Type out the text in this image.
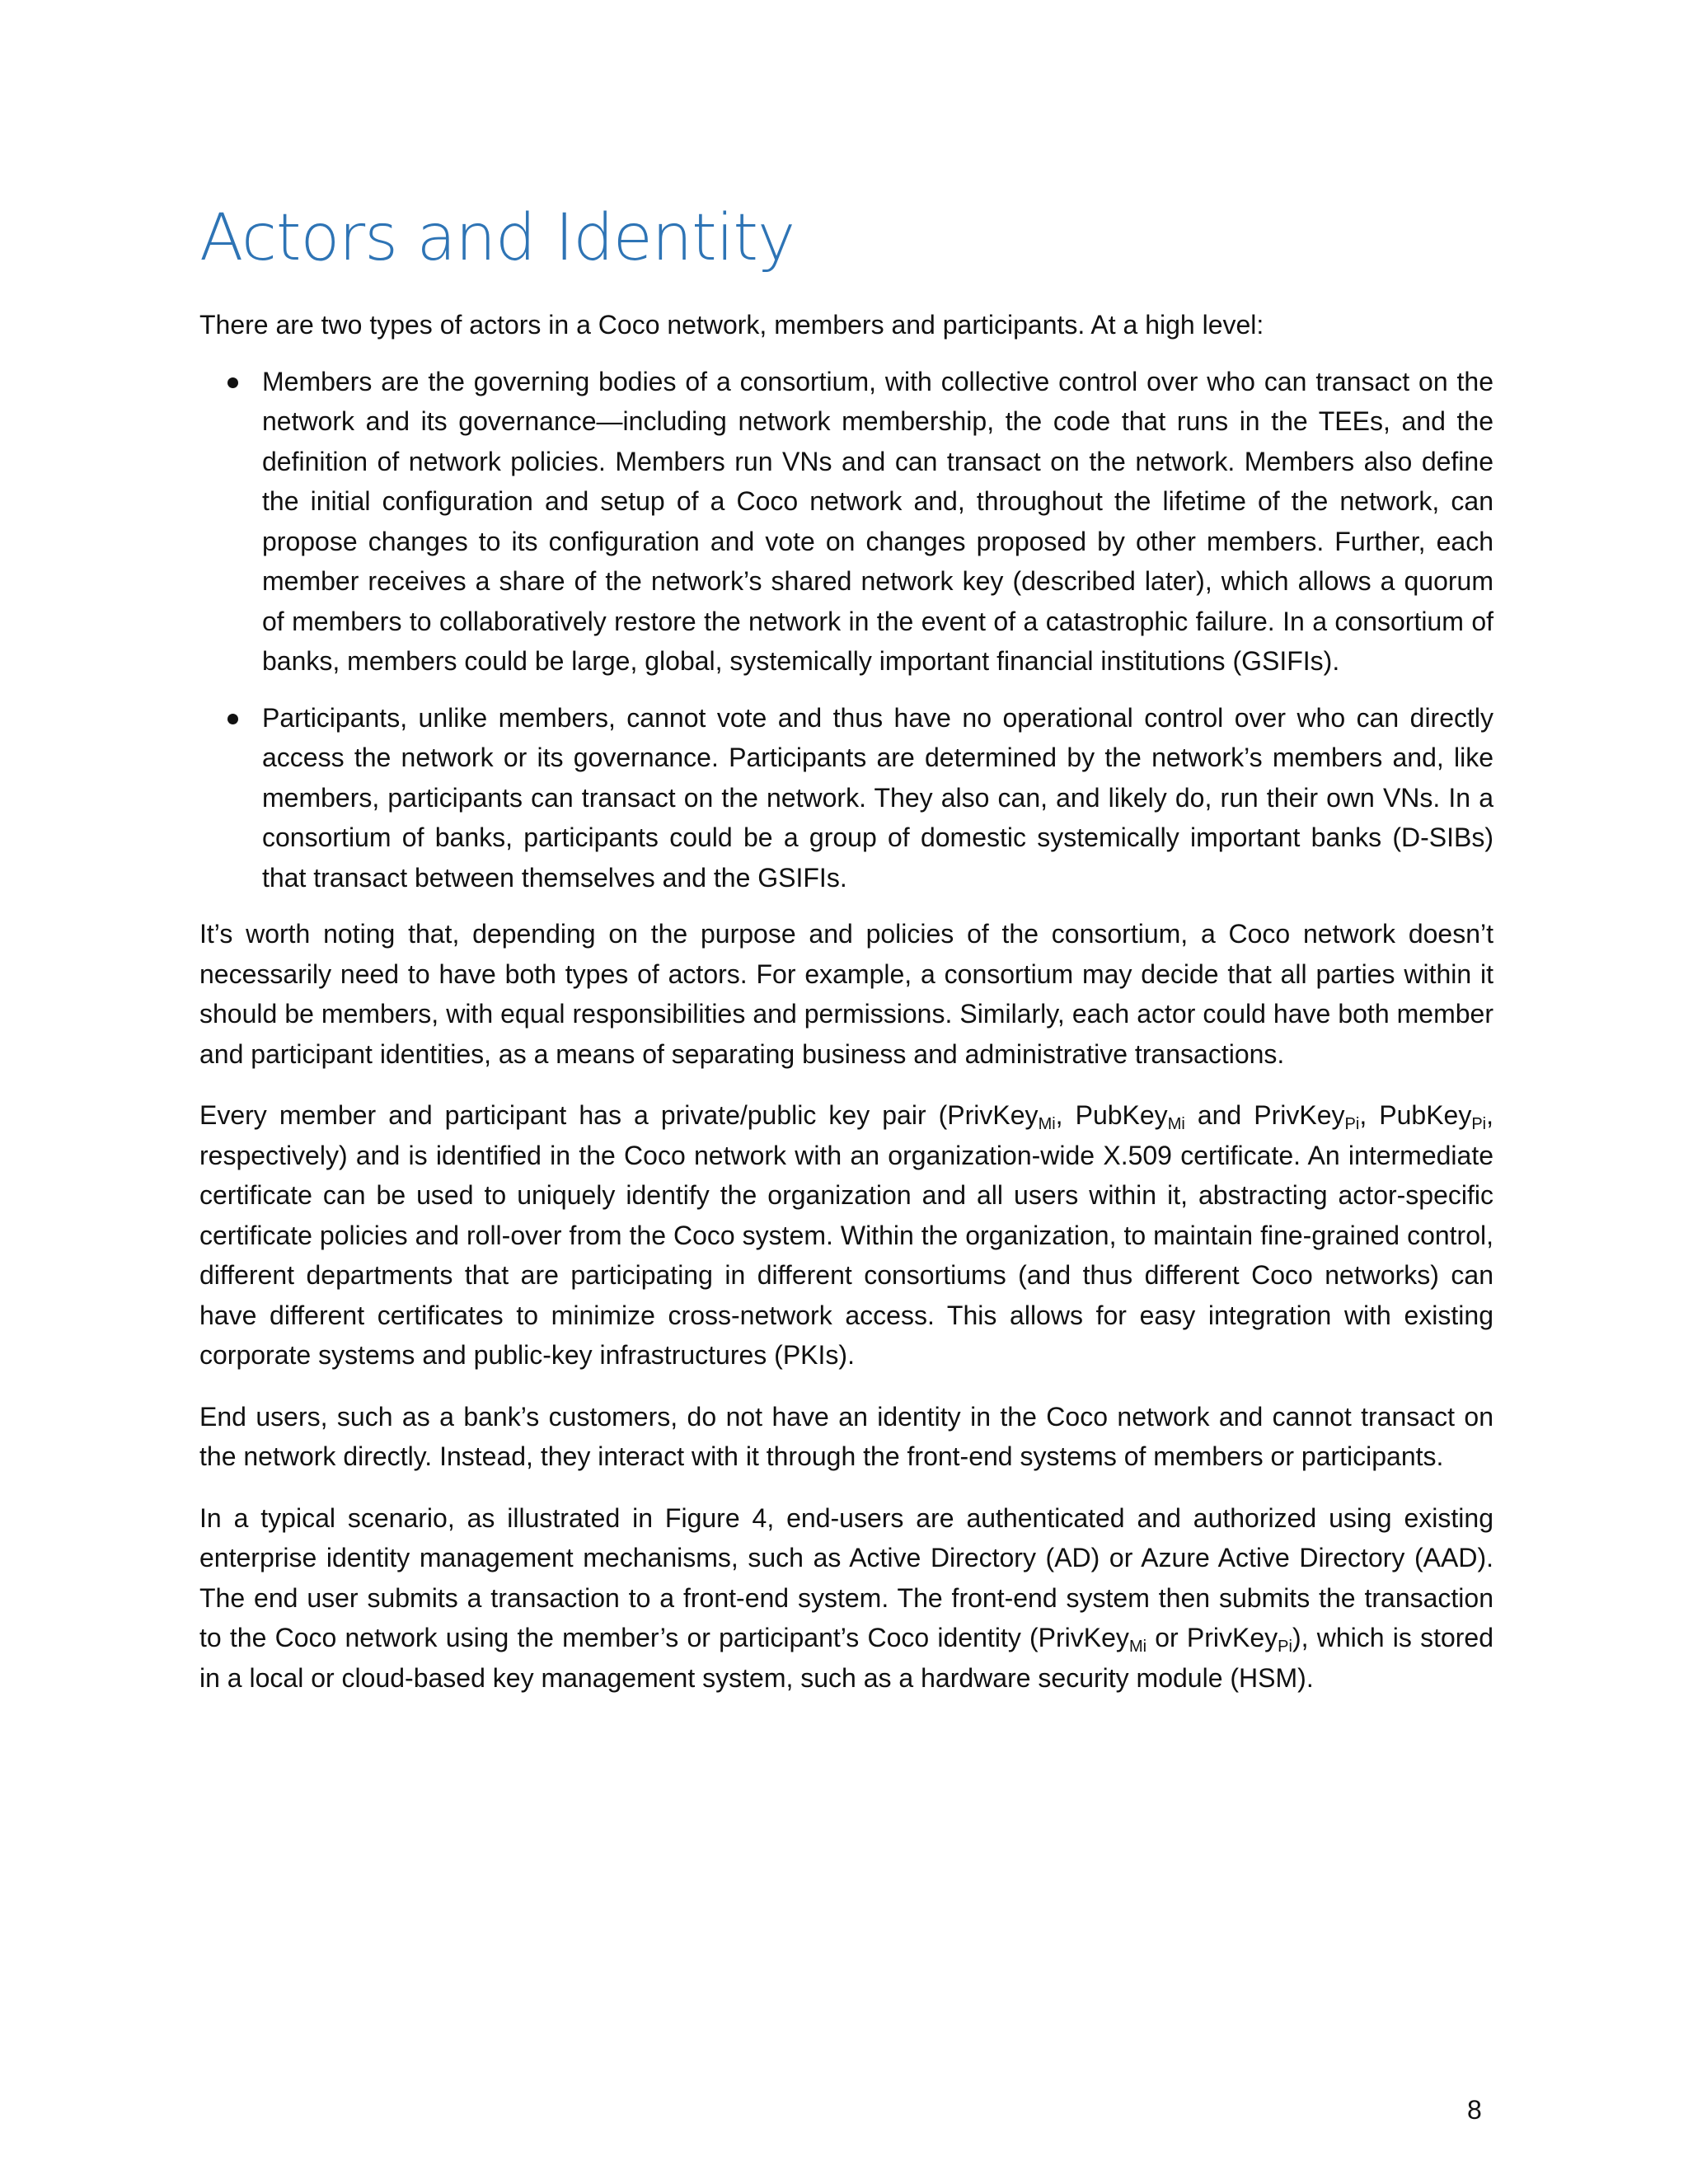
Actors and Identity

There are two types of actors in a Coco network, members and participants. At a high level:

Members are the governing bodies of a consortium, with collective control over who can transact on the network and its governance—including network membership, the code that runs in the TEEs, and the definition of network policies. Members run VNs and can transact on the network. Members also define the initial configuration and setup of a Coco network and, throughout the lifetime of the network, can propose changes to its configuration and vote on changes proposed by other members. Further, each member receives a share of the network’s shared network key (described later), which allows a quorum of members to collaboratively restore the network in the event of a catastrophic failure. In a consortium of banks, members could be large, global, systemically important financial institutions (GSIFIs).

Participants, unlike members, cannot vote and thus have no operational control over who can directly access the network or its governance. Participants are determined by the network’s members and, like members, participants can transact on the network. They also can, and likely do, run their own VNs. In a consortium of banks, participants could be a group of domestic systemically important banks (D-SIBs) that transact between themselves and the GSIFIs.

It’s worth noting that, depending on the purpose and policies of the consortium, a Coco network doesn’t necessarily need to have both types of actors. For example, a consortium may decide that all parties within it should be members, with equal responsibilities and permissions. Similarly, each actor could have both member and participant identities, as a means of separating business and administrative transactions.

Every member and participant has a private/public key pair (PrivKey$_{Mi}$, PubKey$_{Mi}$ and PrivKey$_{Pi}$, PubKey$_{Pi}$, respectively) and is identified in the Coco network with an organization-wide X.509 certificate. An intermediate certificate can be used to uniquely identify the organization and all users within it, abstracting actor-specific certificate policies and roll-over from the Coco system. Within the organization, to maintain fine-grained control, different departments that are participating in different consortiums (and thus different Coco networks) can have different certificates to minimize cross-network access. This allows for easy integration with existing corporate systems and public-key infrastructures (PKIs).

End users, such as a bank’s customers, do not have an identity in the Coco network and cannot transact on the network directly. Instead, they interact with it through the front-end systems of members or participants.

In a typical scenario, as illustrated in Figure 4, end-users are authenticated and authorized using existing enterprise identity management mechanisms, such as Active Directory (AD) or Azure Active Directory (AAD). The end user submits a transaction to a front-end system. The front-end system then submits the transaction to the Coco network using the member’s or participant’s Coco identity (PrivKey$_{Mi}$ or PrivKey$_{Pi}$), which is stored in a local or cloud-based key management system, such as a hardware security module (HSM).

8
